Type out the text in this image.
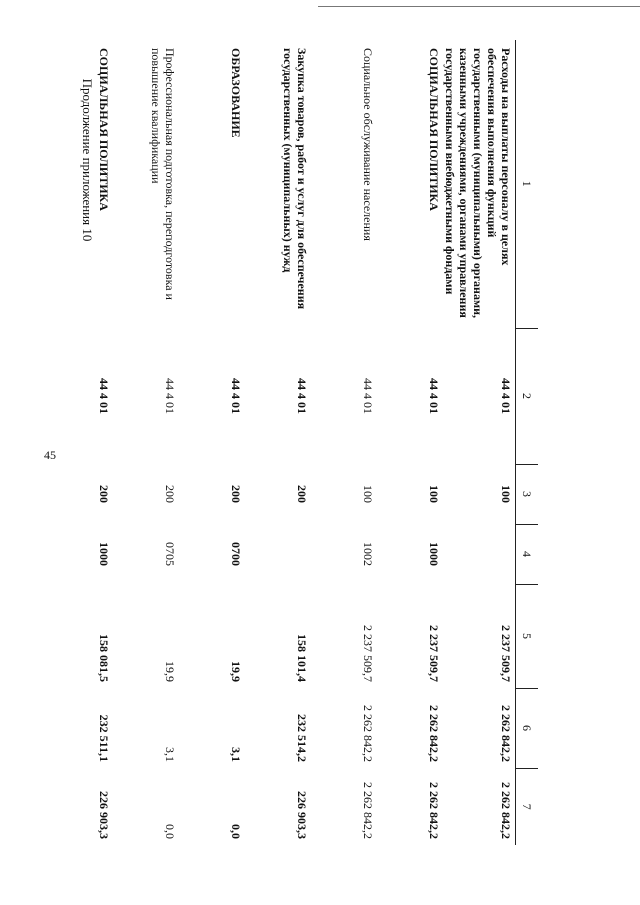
45
Продолжение приложения 10	1	2	3	4	5	6	7
Расходы на выплаты персоналу в целях обеспечения выполнения функций государственными (муниципальными) органами, казенными учреждениями, органами управления государственными внебюджетными фондами	44 4 01	100		2 237 509,7	2 262 842,2	2 262 842,2
СОЦИАЛЬНАЯ ПОЛИТИКА	44 4 01	100	1000	2 237 509,7	2 262 842,2	2 262 842,2
Социальное обслуживание населения	44 4 01	100	1002	2 237 509,7	2 262 842,2	2 262 842,2
Закупка товаров, работ и услуг для обеспечения государственных (муниципальных) нужд	44 4 01	200		158 101,4	232 514,2	226 903,3
ОБРАЗОВАНИЕ	44 4 01	200	0700	19,9	3,1	0,0
Профессиональная подготовка, переподготовка и повышение квалификации	44 4 01	200	0705	19,9	3,1	0,0
СОЦИАЛЬНАЯ ПОЛИТИКА	44 4 01	200	1000	158 081,5	232 511,1	226 903,3
